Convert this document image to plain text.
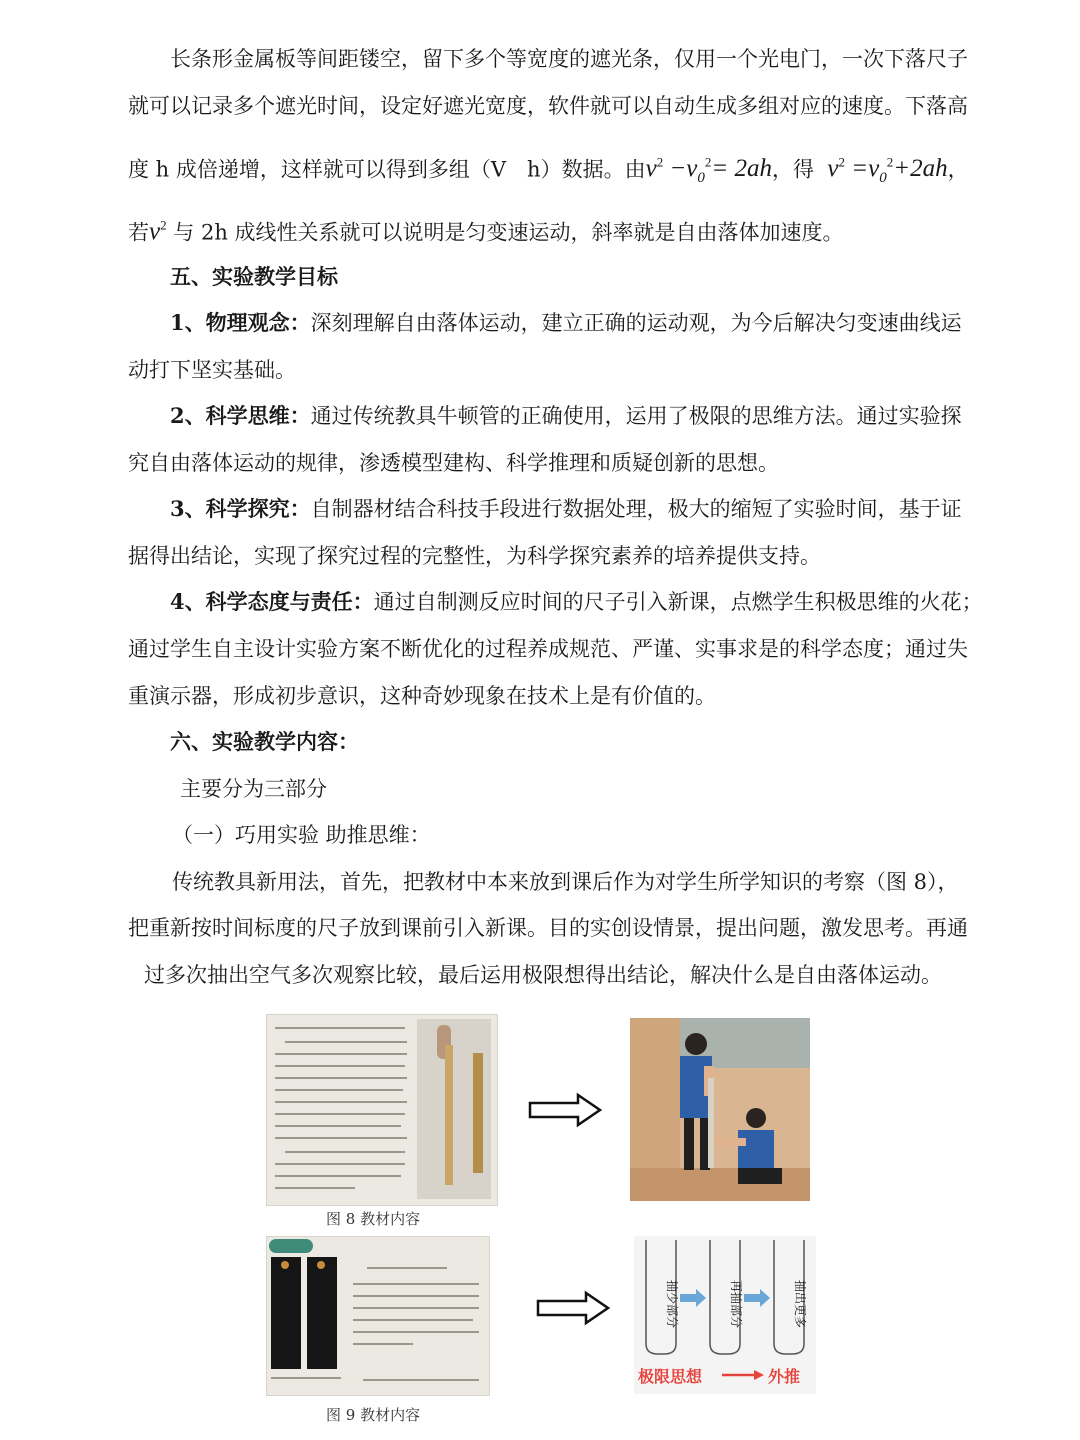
长条形金属板等间距镂空，留下多个等宽度的遮光条，仅用一个光电门，一次下落尺子
就可以记录多个遮光时间，设定好遮光宽度，软件就可以自动生成多组对应的速度。下落高
度 h 成倍递增，这样就可以得到多组（V　h）数据。由$v^2 -v_0^2= 2ah$，得 $v^2 =v_0^2+2ah$，
若$v^2$ 与 2h 成线性关系就可以说明是匀变速运动，斜率就是自由落体加速度。
五、实验教学目标
1、物理观念：深刻理解自由落体运动，建立正确的运动观，为今后解决匀变速曲线运
动打下坚实基础。
2、科学思维：通过传统教具牛顿管的正确使用，运用了极限的思维方法。通过实验探
究自由落体运动的规律，渗透模型建构、科学推理和质疑创新的思想。
3、科学探究：自制器材结合科技手段进行数据处理，极大的缩短了实验时间，基于证
据得出结论，实现了探究过程的完整性，为科学探究素养的培养提供支持。
4、科学态度与责任：通过自制测反应时间的尺子引入新课，点燃学生积极思维的火花；
通过学生自主设计实验方案不断优化的过程养成规范、严谨、实事求是的科学态度；通过失
重演示器，形成初步意识，这种奇妙现象在技术上是有价值的。
六、实验教学内容：
主要分为三部分
（一）巧用实验 助推思维：
传统教具新用法，首先，把教材中本来放到课后作为对学生所学知识的考察（图 8），
把重新按时间标度的尺子放到课前引入新课。目的实创设情景，提出问题，激发思考。再通
过多次抽出空气多次观察比较，最后运用极限想得出结论，解决什么是自由落体运动。
图 8 教材内容
抽少部分	再抽部分	抽出更多
极限思想	外推
图 9 教材内容
